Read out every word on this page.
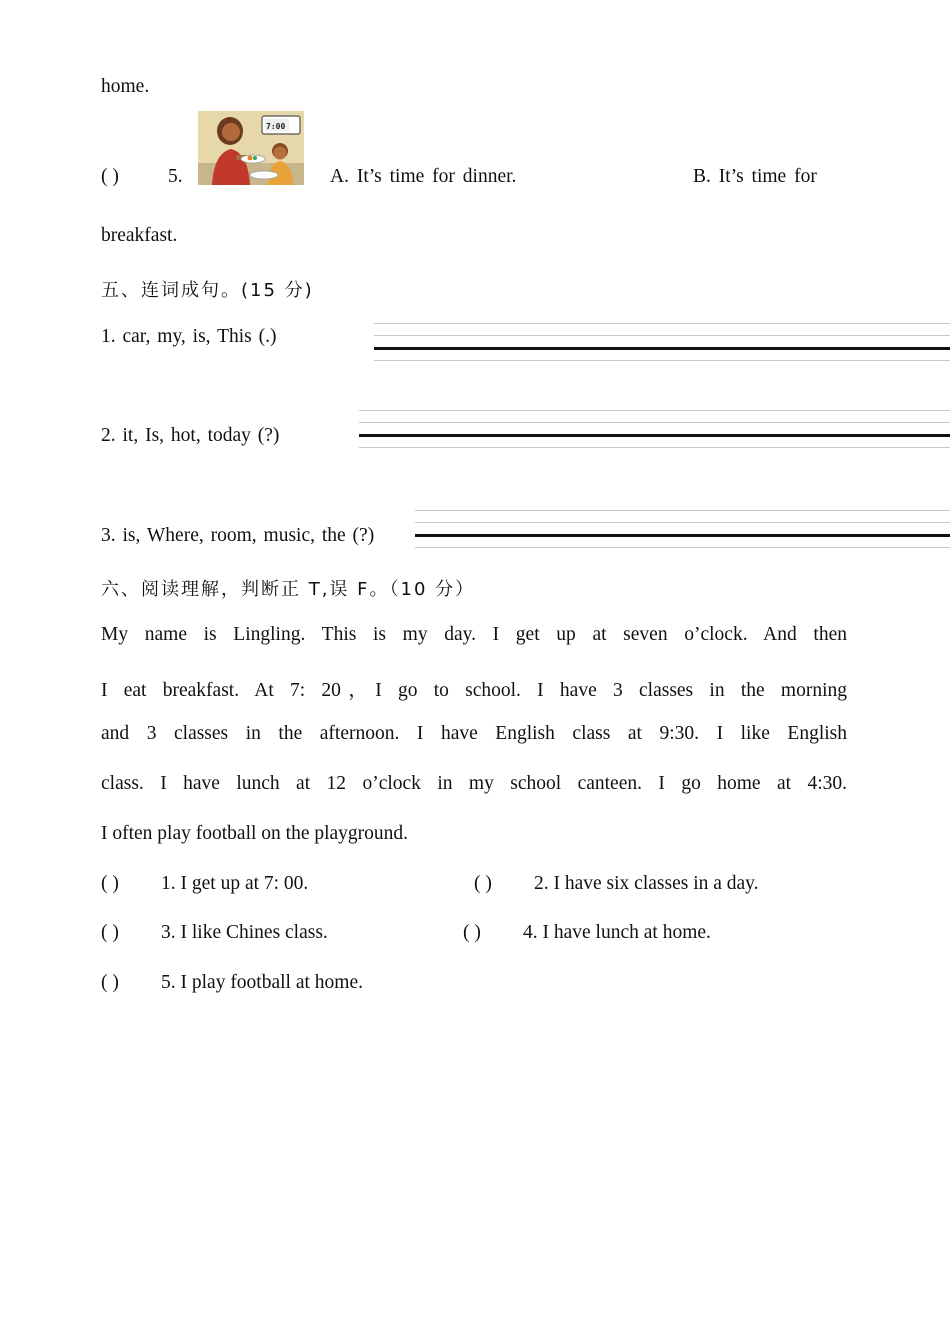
home.
( )	5.
7:00
A. It’s time for dinner.	B. It’s time for
breakfast.
五、连词成句。(15 分)
1. car, my, is, This (.)
2. it, Is, hot, today (?)
3. is, Where, room, music, the (?)
六、阅读理解，判断正 T,误 F。（10 分）
My name is Lingling. This is my day. I get up at seven o’clock. And then
I eat breakfast. At 7: 20，I go to school. I have 3 classes in the morning
and 3 classes in the afternoon. I have English class at 9:30. I like English
class. I have lunch at 12 o’clock in my school canteen. I go home at 4:30.
I often play football on the playground.
( ) 1. I get up at 7: 00.	( ) 2. I have six classes in a day.
( ) 3. I like Chines class.	( ) 4. I have lunch at home.
( ) 5. I play football at home.
